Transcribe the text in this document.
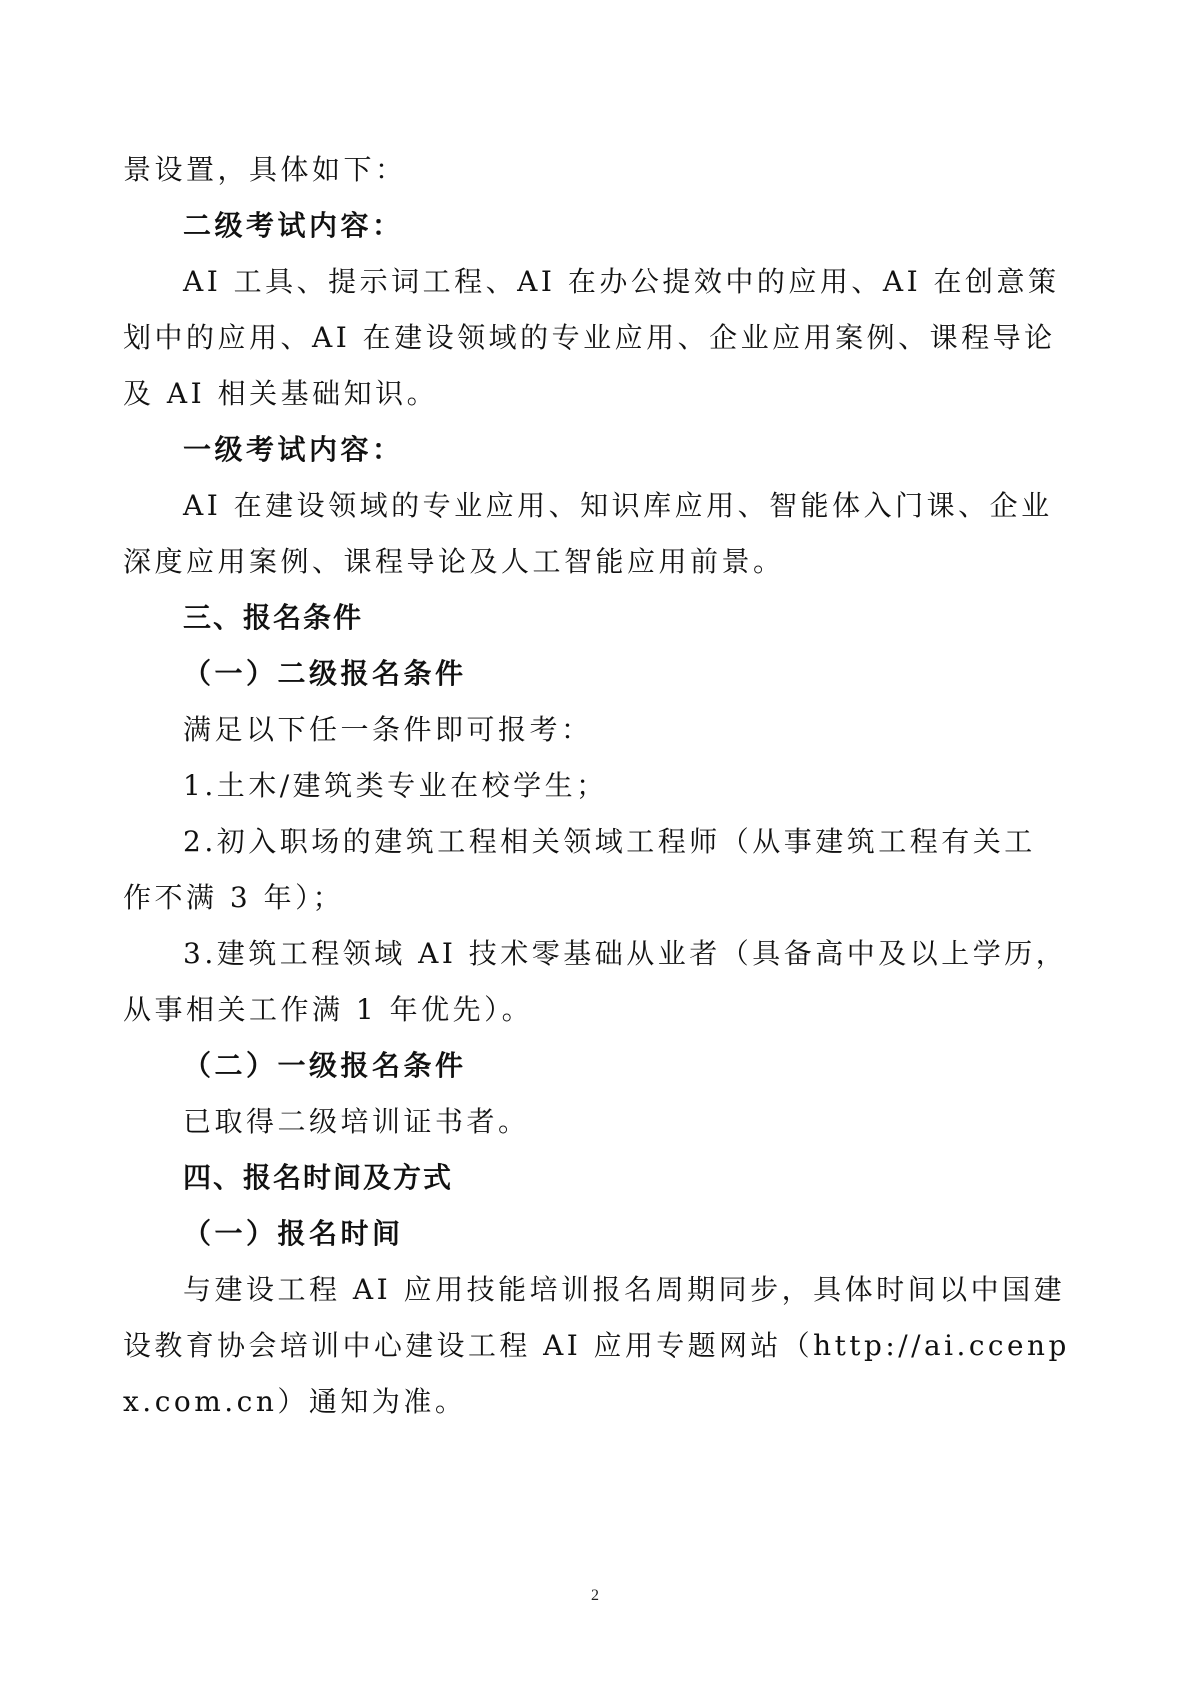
景设置，具体如下：
二级考试内容：
AI 工具、提示词工程、AI 在办公提效中的应用、AI 在创意策
划中的应用、AI 在建设领域的专业应用、企业应用案例、课程导论
及 AI 相关基础知识。
一级考试内容：
AI 在建设领域的专业应用、知识库应用、智能体入门课、企业
深度应用案例、课程导论及人工智能应用前景。
三、报名条件
（一）二级报名条件
满足以下任一条件即可报考：
1.土木/建筑类专业在校学生；
2.初入职场的建筑工程相关领域工程师（从事建筑工程有关工
作不满 3 年）；
3.建筑工程领域 AI 技术零基础从业者（具备高中及以上学历，
从事相关工作满 1 年优先）。
（二）一级报名条件
已取得二级培训证书者。
四、报名时间及方式
（一）报名时间
与建设工程 AI 应用技能培训报名周期同步，具体时间以中国建
设教育协会培训中心建设工程 AI 应用专题网站（http://ai.ccenp
x.com.cn）通知为准。
2
